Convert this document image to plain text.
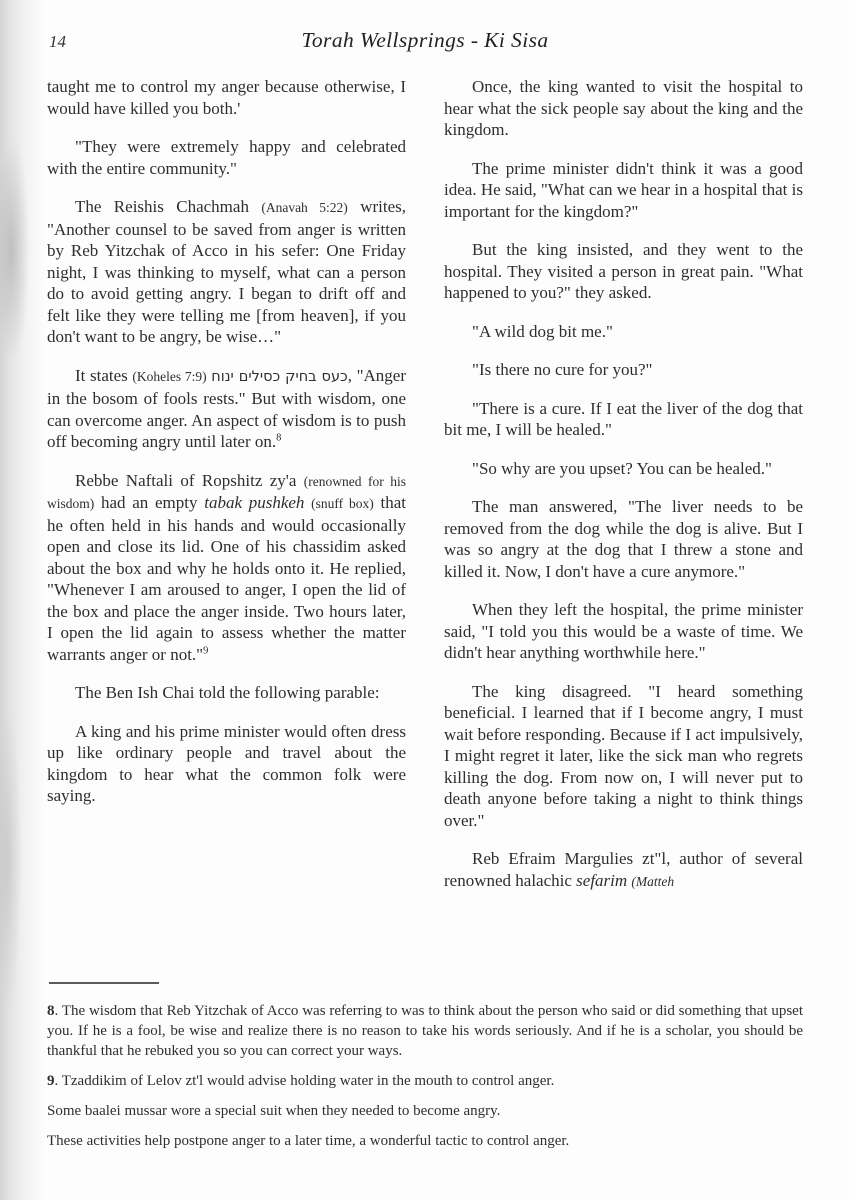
14	Torah Wellsprings - Ki Sisa

taught me to control my anger because otherwise, I would have killed you both.'

"They were extremely happy and celebrated with the entire community."

The Reishis Chachmah (Anavah 5:22) writes, "Another counsel to be saved from anger is written by Reb Yitzchak of Acco in his sefer: One Friday night, I was thinking to myself, what can a person do to avoid getting angry. I began to drift off and felt like they were telling me [from heaven], if you don't want to be angry, be wise…"

It states (Koheles 7:9) כעס בחיק כסילים ינוח, "Anger in the bosom of fools rests." But with wisdom, one can overcome anger. An aspect of wisdom is to push off becoming angry until later on.$^8$

Rebbe Naftali of Ropshitz zy'a (renowned for his wisdom) had an empty tabak pushkeh (snuff box) that he often held in his hands and would occasionally open and close its lid. One of his chassidim asked about the box and why he holds onto it. He replied, "Whenever I am aroused to anger, I open the lid of the box and place the anger inside. Two hours later, I open the lid again to assess whether the matter warrants anger or not."$^9$

The Ben Ish Chai told the following parable:

A king and his prime minister would often dress up like ordinary people and travel about the kingdom to hear what the common folk were saying.

Once, the king wanted to visit the hospital to hear what the sick people say about the king and the kingdom.

The prime minister didn't think it was a good idea. He said, "What can we hear in a hospital that is important for the kingdom?"

But the king insisted, and they went to the hospital. They visited a person in great pain. "What happened to you?" they asked.

"A wild dog bit me."

"Is there no cure for you?"

"There is a cure. If I eat the liver of the dog that bit me, I will be healed."

"So why are you upset? You can be healed."

The man answered, "The liver needs to be removed from the dog while the dog is alive. But I was so angry at the dog that I threw a stone and killed it. Now, I don't have a cure anymore."

When they left the hospital, the prime minister said, "I told you this would be a waste of time. We didn't hear anything worthwhile here."

The king disagreed. "I heard something beneficial. I learned that if I become angry, I must wait before responding. Because if I act impulsively, I might regret it later, like the sick man who regrets killing the dog. From now on, I will never put to death anyone before taking a night to think things over."

Reb Efraim Margulies zt"l, author of several renowned halachic sefarim (Matteh

8. The wisdom that Reb Yitzchak of Acco was referring to was to think about the person who said or did something that upset you. If he is a fool, be wise and realize there is no reason to take his words seriously. And if he is a scholar, you should be thankful that he rebuked you so you can correct your ways.

9. Tzaddikim of Lelov zt'l would advise holding water in the mouth to control anger.

Some baalei mussar wore a special suit when they needed to become angry.

These activities help postpone anger to a later time, a wonderful tactic to control anger.
